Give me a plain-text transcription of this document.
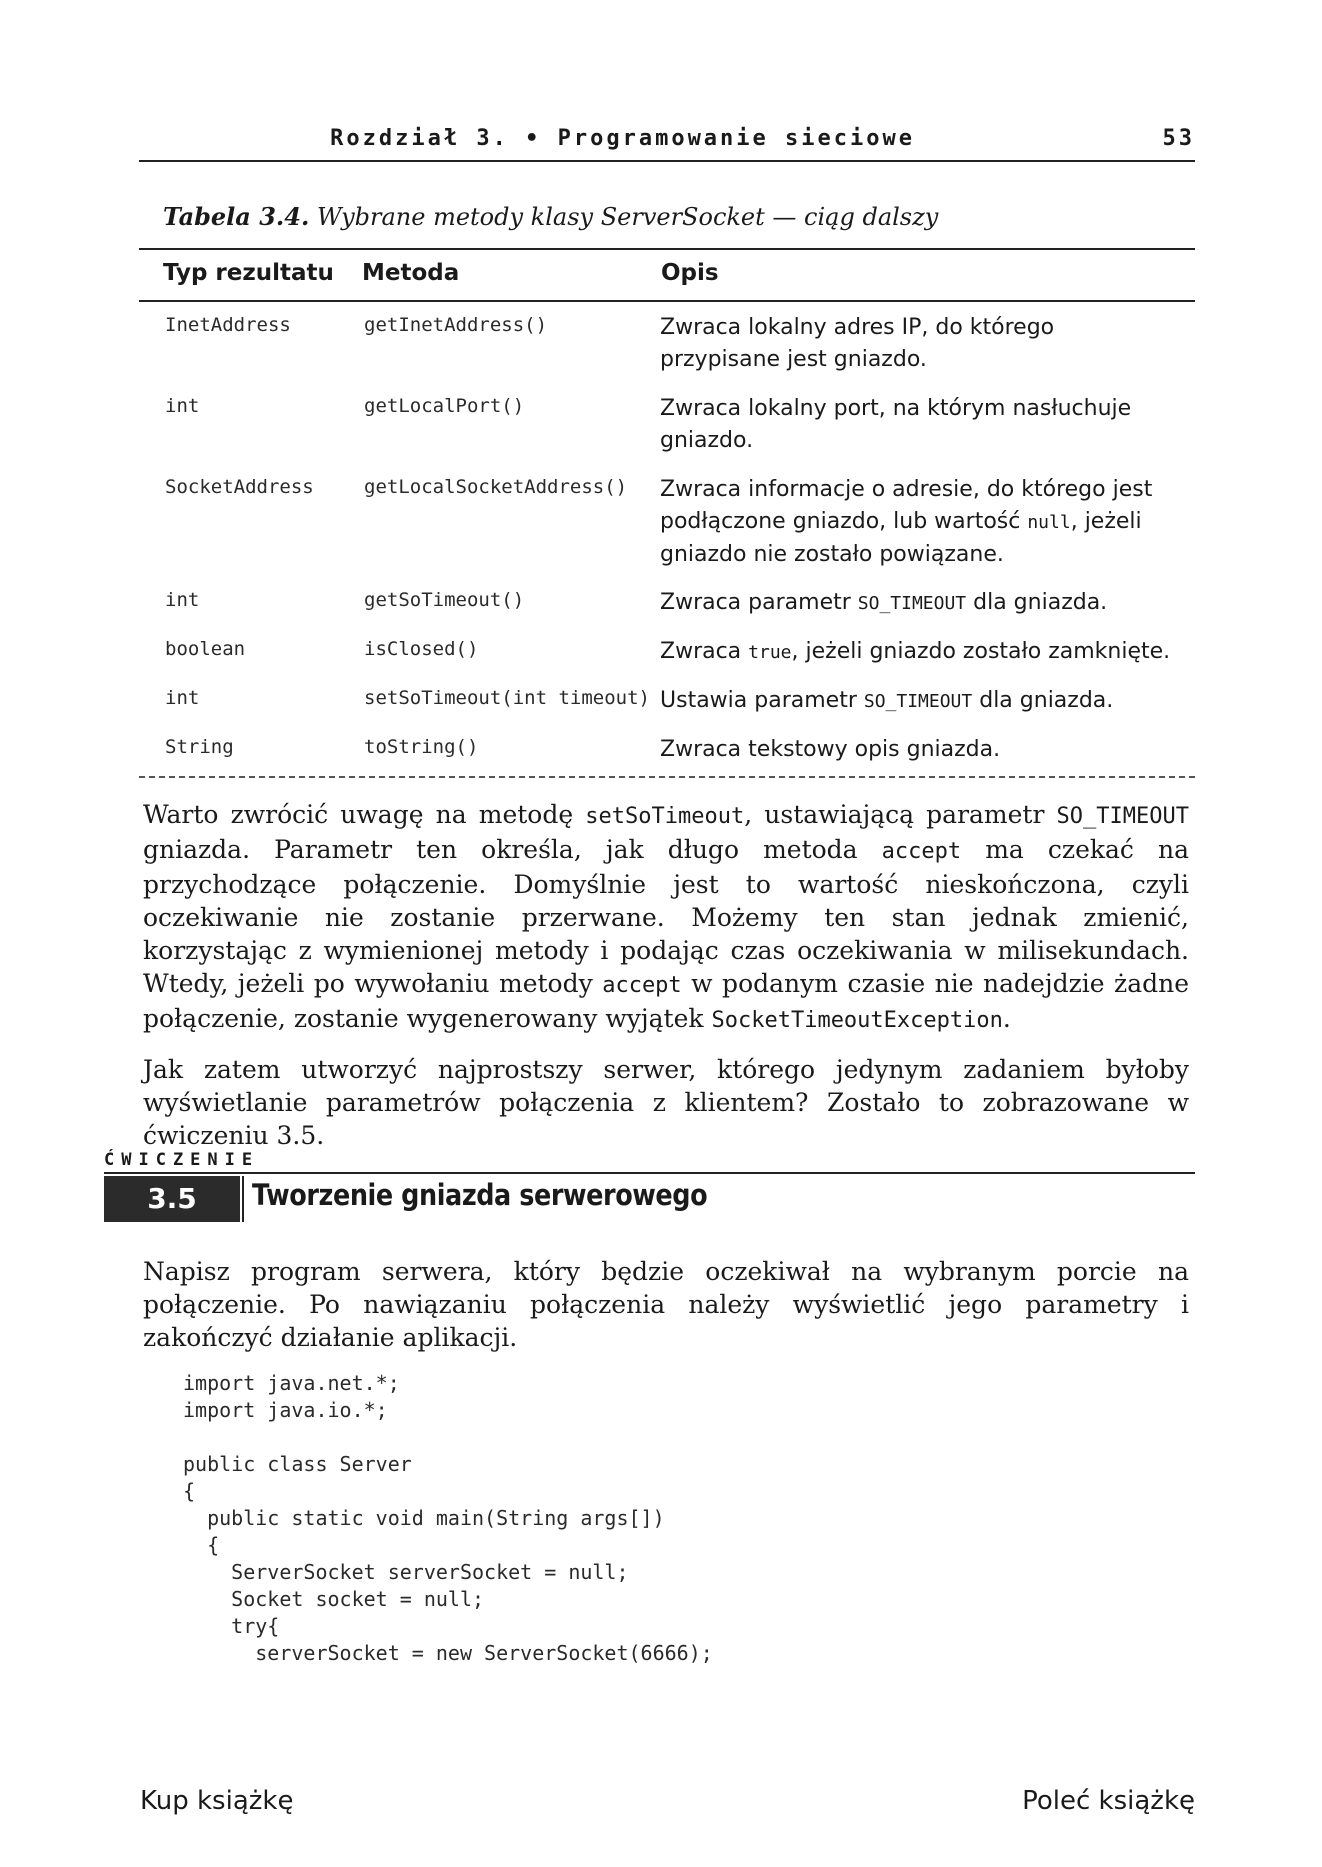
Rozdział 3. • Programowanie sieciowe	53
Tabela 3.4. Wybrane metody klasy ServerSocket — ciąg dalszy
Typ rezultatu Metoda	Opis
InetAddress	getInetAddress()	Zwraca lokalny adres IP, do którego przypisane jest gniazdo.
int	getLocalPort()	Zwraca lokalny port, na którym nasłuchuje gniazdo.
SocketAddress	getLocalSocketAddress() Zwraca informacje o adresie, do którego jest podłączone gniazdo, lub wartość null, jeżeli gniazdo nie zostało powiązane.
int	getSoTimeout()	Zwraca parametr SO_TIMEOUT dla gniazda.
boolean	isClosed()	Zwraca true, jeżeli gniazdo zostało zamknięte.
int	setSoTimeout(int timeout) Ustawia parametr SO_TIMEOUT dla gniazda.
String	toString()	Zwraca tekstowy opis gniazda.
Warto zwrócić uwagę na metodę setSoTimeout, ustawiającą parametr SO_TIMEOUT gniazda. Parametr ten określa, jak długo metoda accept ma czekać na przychodzące połączenie. Domyślnie jest to wartość nieskończona, czyli oczekiwanie nie zostanie przerwane. Możemy ten stan jednak zmienić, korzystając z wymienionej metody i podając czas oczekiwania w milisekundach. Wtedy, jeżeli po wywołaniu metody accept w podanym czasie nie nadejdzie żadne połączenie, zostanie wygenerowany wyjątek SocketTimeoutException.
Jak zatem utworzyć najprostszy serwer, którego jedynym zadaniem byłoby wyświetlanie parametrów połączenia z klientem? Zostało to zobrazowane w ćwiczeniu 3.5.
ĆWICZENIE
3.5	Tworzenie gniazda serwerowego
Napisz program serwera, który będzie oczekiwał na wybranym porcie na połączenie. Po nawiązaniu połączenia należy wyświetlić jego parametry i zakończyć działanie aplikacji.
import java.net.*;
import java.io.*;
public class Server
{
public static void main(String args[])
{
ServerSocket serverSocket = null;
Socket socket = null;
try{
serverSocket = new ServerSocket(6666);
Kup książkę	Poleć książkę
